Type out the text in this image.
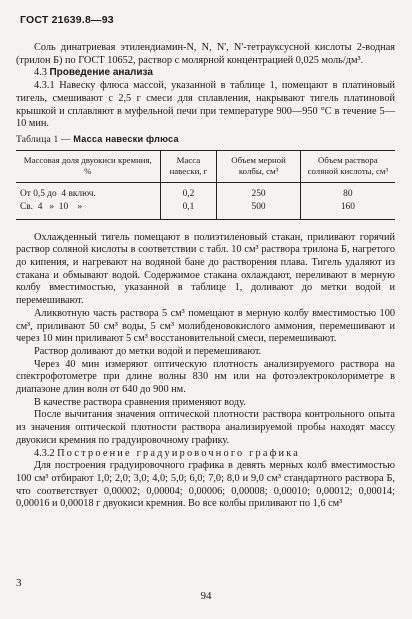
ГОСТ 21639.8—93

Соль динатриевая этилендиамин-N, N, N', N'-тетрауксусной кислоты 2-водная (трилон Б) по ГОСТ 10652, раствор с молярной концентрацией 0,025 моль/дм³.

4.3 Проведение анализа

4.3.1 Навеску флюса массой, указанной в таблице 1, помещают в платиновый тигель, смешивают с 2,5 г смеси для сплавления, накрывают тигель платиновой крышкой и сплавляют в муфельной печи при температуре 900—950 °С в течение 5—10 мин.

Таблица 1 — Масса навески флюса
Массовая доля двуокиси кремния, %	Масса навески, г	Объем мерной колбы, см³	Объем раствора соляной кислоты, см³
От 0,5 до  4 включ.	0,2	250	80
Св.  4   »  10    »	0,1	500	160

Охлажденный тигель помещают в полиэтиленовый стакан, приливают горячий раствор соляной кислоты в соответствии с табл. 10 см³ раствора трилона Б, нагретого до кипения, и нагревают на водяной бане до растворения плава. Тигель удаляют из стакана и обмывают водой. Содержимое стакана охлаждают, переливают в мерную колбу вместимостью, указанной в таблице 1, доливают до метки водой и перемешивают.

Аликвотную часть раствора 5 см³ помещают в мерную колбу вместимостью 100 см³, приливают 50 см³ воды, 5 см³ молибденовокислого аммония, перемешивают и через 10 мин приливают 5 см³ восстановительной смеси, перемешивают.

Раствор доливают до метки водой и перемешивают.

Через 40 мин измеряют оптическую плотность анализируемого раствора на спектрофотометре при длине волны 830 нм или на фотоэлектроколориметре в диапазоне длин волн от 640 до 900 нм.

В качестве раствора сравнения применяют воду.

После вычитания значения оптической плотности раствора контрольного опыта из значения оптической плотности раствора анализируемой пробы находят массу двуокиси кремния по градуировочному графику.

4.3.2 Построение градуировочного графика

Для построения градуировочного графика в девять мерных колб вместимостью 100 см³ отбирают 1,0; 2,0; 3,0; 4,0; 5,0; 6,0; 7,0; 8,0 и 9,0 см³ стандартного раствора Б, что соответствует 0,00002; 0,00004; 0,00006; 0,00008; 0,00010; 0,00012; 0,00014; 0,00016 и 0,00018 г двуокиси кремния. Во все колбы приливают по 1,6 см³

3
94
